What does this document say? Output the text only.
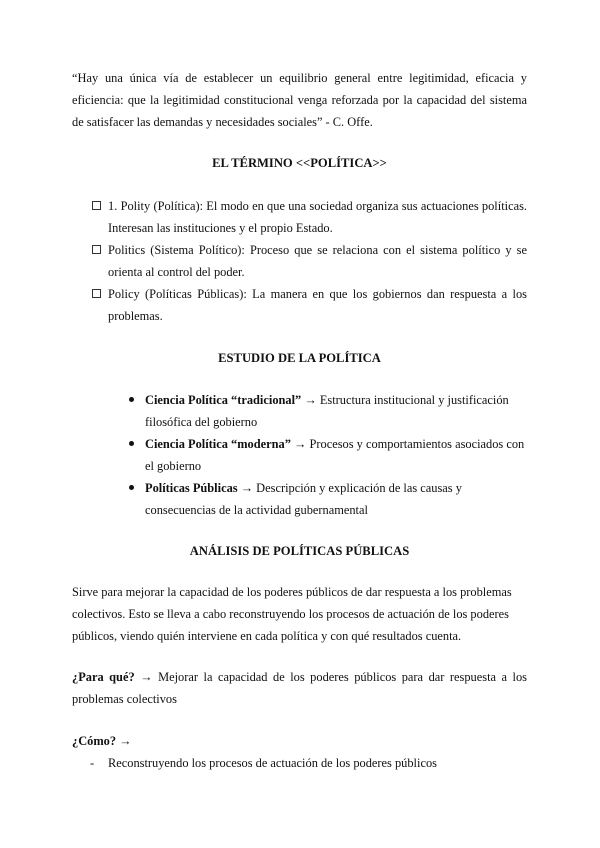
“Hay una única vía de establecer un equilibrio general entre legitimidad, eficacia y eficiencia: que la legitimidad constitucional venga reforzada por la capacidad del sistema de satisfacer las demandas y necesidades sociales” - C. Offe.

EL TÉRMINO <<POLÍTICA>>
1. Polity (Política): El modo en que una sociedad organiza sus actuaciones políticas. Interesan las instituciones y el propio Estado.
Politics (Sistema Político): Proceso que se relaciona con el sistema político y se orienta al control del poder.
Policy (Políticas Públicas): La manera en que los gobiernos dan respuesta a los problemas.
ESTUDIO DE LA POLÍTICA
Ciencia Política “tradicional” → Estructura institucional y justificación filosófica del gobierno
Ciencia Política “moderna” → Procesos y comportamientos asociados con el gobierno
Políticas Públicas → Descripción y explicación de las causas y consecuencias de la actividad gubernamental
ANÁLISIS DE POLÍTICAS PÚBLICAS

Sirve para mejorar la capacidad de los poderes públicos de dar respuesta a los problemas colectivos. Esto se lleva a cabo reconstruyendo los procesos de actuación de los poderes públicos, viendo quién interviene en cada política y con qué resultados cuenta.

¿Para qué? → Mejorar la capacidad de los poderes públicos para dar respuesta a los problemas colectivos

¿Cómo? →

- Reconstruyendo los procesos de actuación de los poderes públicos
